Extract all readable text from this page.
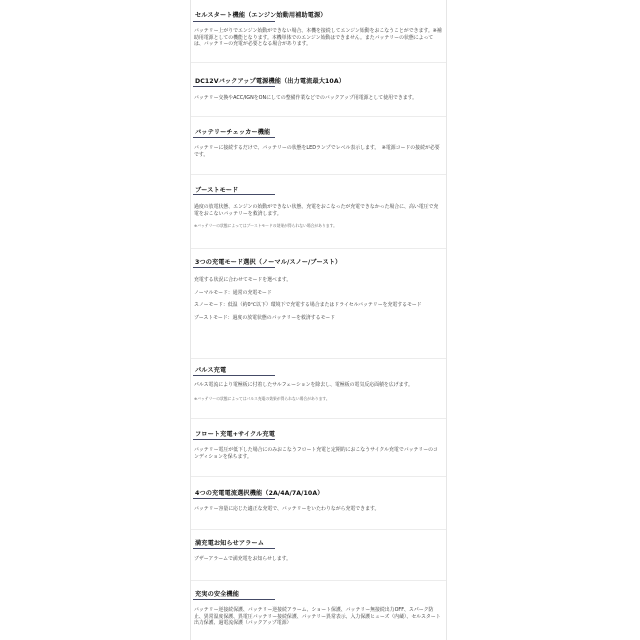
セルスタート機能（エンジン始動用補助電源）

バッテリー上がりでエンジン始動ができない場合、本機を接続してエンジン始動をおこなうことができます。※補助用電源としての機能となります。本機単体でのエンジン始動はできません。またバッテリーの状態によっては、バッテリーの充電が必要となる場合があります。

DC12Vバックアップ電源機能（出力電流最大10A）

バッテリー交換やACC/IGNをONにしての整備作業などでのバックアップ用電源として使用できます。

バッテリーチェッカー機能

バッテリーに接続するだけで、バッテリーの状態をLEDランプでレベル表示します。　※電源コードの接続が必要です。

ブーストモード

過度の放電状態、エンジンの始動ができない状態、充電をおこなったが充電できなかった場合に、高い電圧で充電をおこないバッテリーを救済します。

※バッテリーの状態によってはブーストモードの効果が得られない場合があります。

3つの充電モード選択（ノーマル/スノー/ブースト）

充電する状況に合わせてモードを選べます。

ノーマルモード：通常の充電モード

スノーモード：低温（約0℃以下）環境下で充電する場合またはドライセルバッテリーを充電するモード

ブーストモード：過度の放電状態のバッテリーを救済するモード

パルス充電

パルス電流により電極板に付着したサルフェーションを除去し、電極板の電気反応面積を広げます。

※バッテリーの状態によってはパルス充電の効果が得られない場合があります。

フロート充電+サイクル充電

バッテリー電圧が低下した場合にのみおこなうフロート充電と定期的におこなうサイクル充電でバッテリーのコンディションを保ちます。

4つの充電電流選択機能（2A/4A/7A/10A）

バッテリー容量に応じた適正な充電で、バッテリーをいたわりながら充電できます。

満充電お知らせアラーム

ブザーアラームで満充電をお知らせします。

充実の安全機能

バッテリー逆接続保護、バッテリー逆接続アラーム、ショート保護、バッテリー無接続出力OFF、スパーク防止、異常温度保護、異電圧バッテリー接続保護、バッテリー異常表示、入力保護ヒューズ（内蔵）、セルスタート出力保護、過電流保護（バックアップ電源）
